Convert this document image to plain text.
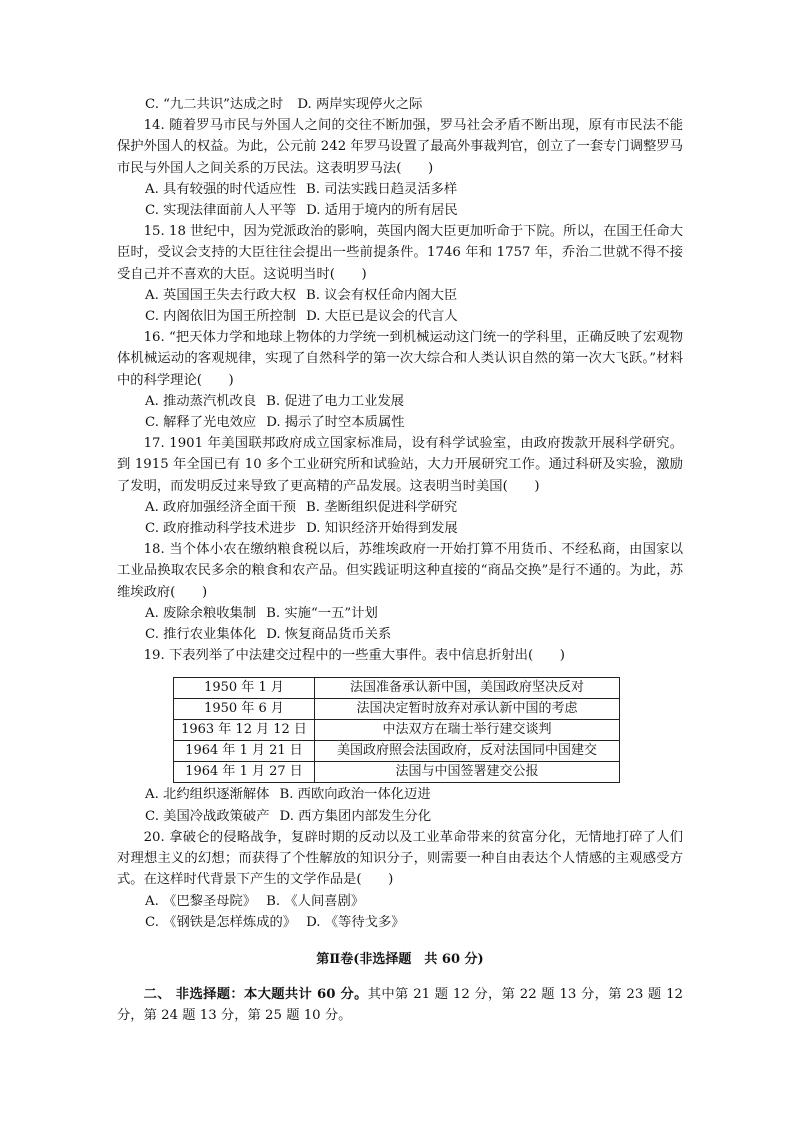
C. “九二共识”达成之时 D. 两岸实现停火之际

14. 随着罗马市民与外国人之间的交往不断加强，罗马社会矛盾不断出现，原有市民法不能保护外国人的权益。为此，公元前 242 年罗马设置了最高外事裁判官，创立了一套专门调整罗马市民与外国人之间关系的万民法。这表明罗马法(　　)

A. 具有较强的时代适应性 B. 司法实践日趋灵活多样
C. 实现法律面前人人平等 D. 适用于境内的所有居民

15. 18 世纪中，因为党派政治的影响，英国内阁大臣更加听命于下院。所以，在国王任命大臣时，受议会支持的大臣往往会提出一些前提条件。1746 年和 1757 年，乔治二世就不得不接受自己并不喜欢的大臣。这说明当时(　　)

A. 英国国王失去行政大权 B. 议会有权任命内阁大臣
C. 内阁依旧为国王所控制 D. 大臣已是议会的代言人

16. “把天体力学和地球上物体的力学统一到机械运动这门统一的学科里，正确反映了宏观物体机械运动的客观规律，实现了自然科学的第一次大综合和人类认识自然的第一次大飞跃。”材料中的科学理论(　　)

A. 推动蒸汽机改良 B. 促进了电力工业发展
C. 解释了光电效应 D. 揭示了时空本质属性

17. 1901 年美国联邦政府成立国家标准局，设有科学试验室，由政府拨款开展科学研究。到 1915 年全国已有 10 多个工业研究所和试验站，大力开展研究工作。通过科研及实验，激励了发明，而发明反过来导致了更高精的产品发展。这表明当时美国(　　)

A. 政府加强经济全面干预 B. 垄断组织促进科学研究
C. 政府推动科学技术进步 D. 知识经济开始得到发展

18. 当个体小农在缴纳粮食税以后，苏维埃政府一开始打算不用货币、不经私商，由国家以工业品换取农民多余的粮食和农产品。但实践证明这种直接的“商品交换”是行不通的。为此，苏维埃政府(　　)

A. 废除余粮收集制 B. 实施“一五”计划
C. 推行农业集体化 D. 恢复商品货币关系

19. 下表列举了中法建交过程中的一些重大事件。表中信息折射出(　　)

1950 年 1 月	法国准备承认新中国，美国政府坚决反对
1950 年 6 月	法国决定暂时放弃对承认新中国的考虑
1963 年 12 月 12 日	中法双方在瑞士举行建交谈判
1964 年 1 月 21 日	美国政府照会法国政府，反对法国同中国建交
1964 年 1 月 27 日	法国与中国签署建交公报
A. 北约组织逐渐解体 B. 西欧向政治一体化迈进
C. 美国冷战政策破产 D. 西方集团内部发生分化

20. 拿破仑的侵略战争，复辟时期的反动以及工业革命带来的贫富分化，无情地打碎了人们对理想主义的幻想；而获得了个性解放的知识分子，则需要一种自由表达个人情感的主观感受方式。在这样时代背景下产生的文学作品是(　　)

A. 《巴黎圣母院》 B. 《人间喜剧》
C. 《钢铁是怎样炼成的》 D. 《等待戈多》
第Ⅱ卷(非选择题　共 60 分)

二、 非选择题：本大题共计 60 分。其中第 21 题 12 分，第 22 题 13 分，第 23 题 12 分，第 24 题 13 分，第 25 题 10 分。
